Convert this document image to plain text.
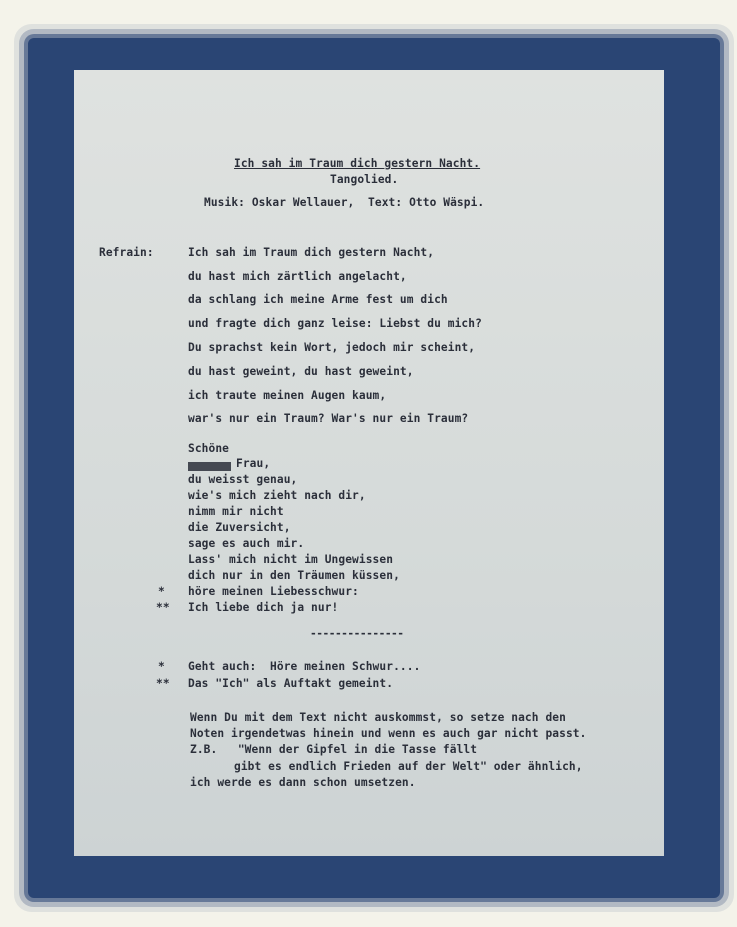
Ich sah im Traum dich gestern Nacht.
Tangolied.
Musik: Oskar Wellauer,  Text: Otto Wäspi.
Refrain:	Ich sah im Traum dich gestern Nacht,
du hast mich zärtlich angelacht,
da schlang ich meine Arme fest um dich
und fragte dich ganz leise: Liebst du mich?
Du sprachst kein Wort, jedoch mir scheint,
du hast geweint, du hast geweint,
ich traute meinen Augen kaum,
war's nur ein Traum? War's nur ein Traum?
Schöne
Frau,
du weisst genau,
wie's mich zieht nach dir,
nimm mir nicht
die Zuversicht,
sage es auch mir.
Lass' mich nicht im Ungewissen
dich nur in den Träumen küssen,
* höre meinen Liebesschwur:
** Ich liebe dich ja nur!
---------------
* Geht auch:  Höre meinen Schwur....
** Das "Ich" als Auftakt gemeint.
Wenn Du mit dem Text nicht auskommst, so setze nach den
Noten irgendetwas hinein und wenn es auch gar nicht passt.
Z.B.   "Wenn der Gipfel in die Tasse fällt
gibt es endlich Frieden auf der Welt" oder ähnlich,
ich werde es dann schon umsetzen.
